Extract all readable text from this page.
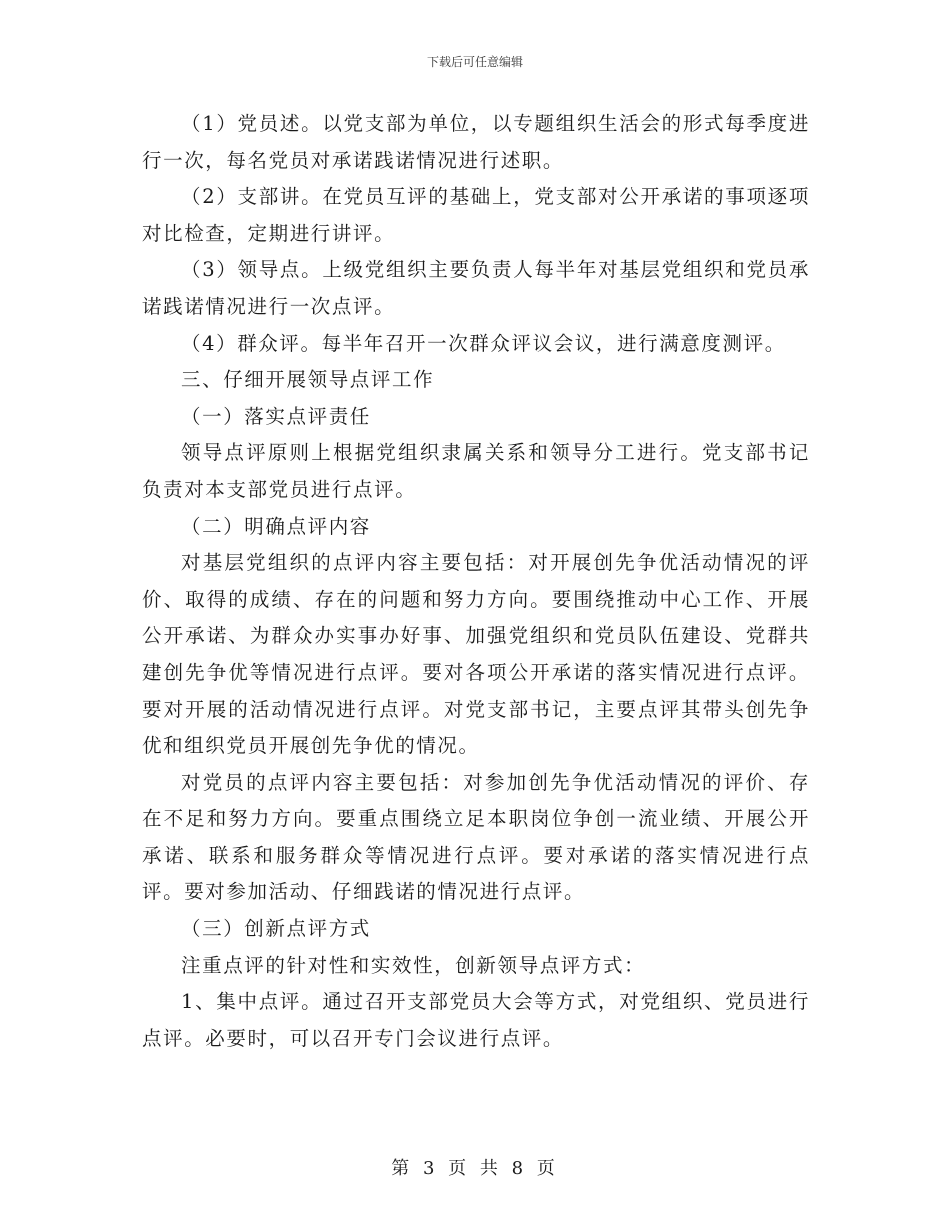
下载后可任意编辑

（1）党员述。以党支部为单位，以专题组织生活会的形式每季度进行一次，每名党员对承诺践诺情况进行述职。

（2）支部讲。在党员互评的基础上，党支部对公开承诺的事项逐项对比检查，定期进行讲评。

（3）领导点。上级党组织主要负责人每半年对基层党组织和党员承诺践诺情况进行一次点评。

（4）群众评。每半年召开一次群众评议会议，进行满意度测评。

三、仔细开展领导点评工作

（一）落实点评责任

领导点评原则上根据党组织隶属关系和领导分工进行。党支部书记负责对本支部党员进行点评。

（二）明确点评内容

对基层党组织的点评内容主要包括：对开展创先争优活动情况的评价、取得的成绩、存在的问题和努力方向。要围绕推动中心工作、开展公开承诺、为群众办实事办好事、加强党组织和党员队伍建设、党群共建创先争优等情况进行点评。要对各项公开承诺的落实情况进行点评。要对开展的活动情况进行点评。对党支部书记，主要点评其带头创先争优和组织党员开展创先争优的情况。

对党员的点评内容主要包括：对参加创先争优活动情况的评价、存在不足和努力方向。要重点围绕立足本职岗位争创一流业绩、开展公开承诺、联系和服务群众等情况进行点评。要对承诺的落实情况进行点评。要对参加活动、仔细践诺的情况进行点评。

（三）创新点评方式

注重点评的针对性和实效性，创新领导点评方式：

1、集中点评。通过召开支部党员大会等方式，对党组织、党员进行点评。必要时，可以召开专门会议进行点评。

第 3 页 共 8 页
